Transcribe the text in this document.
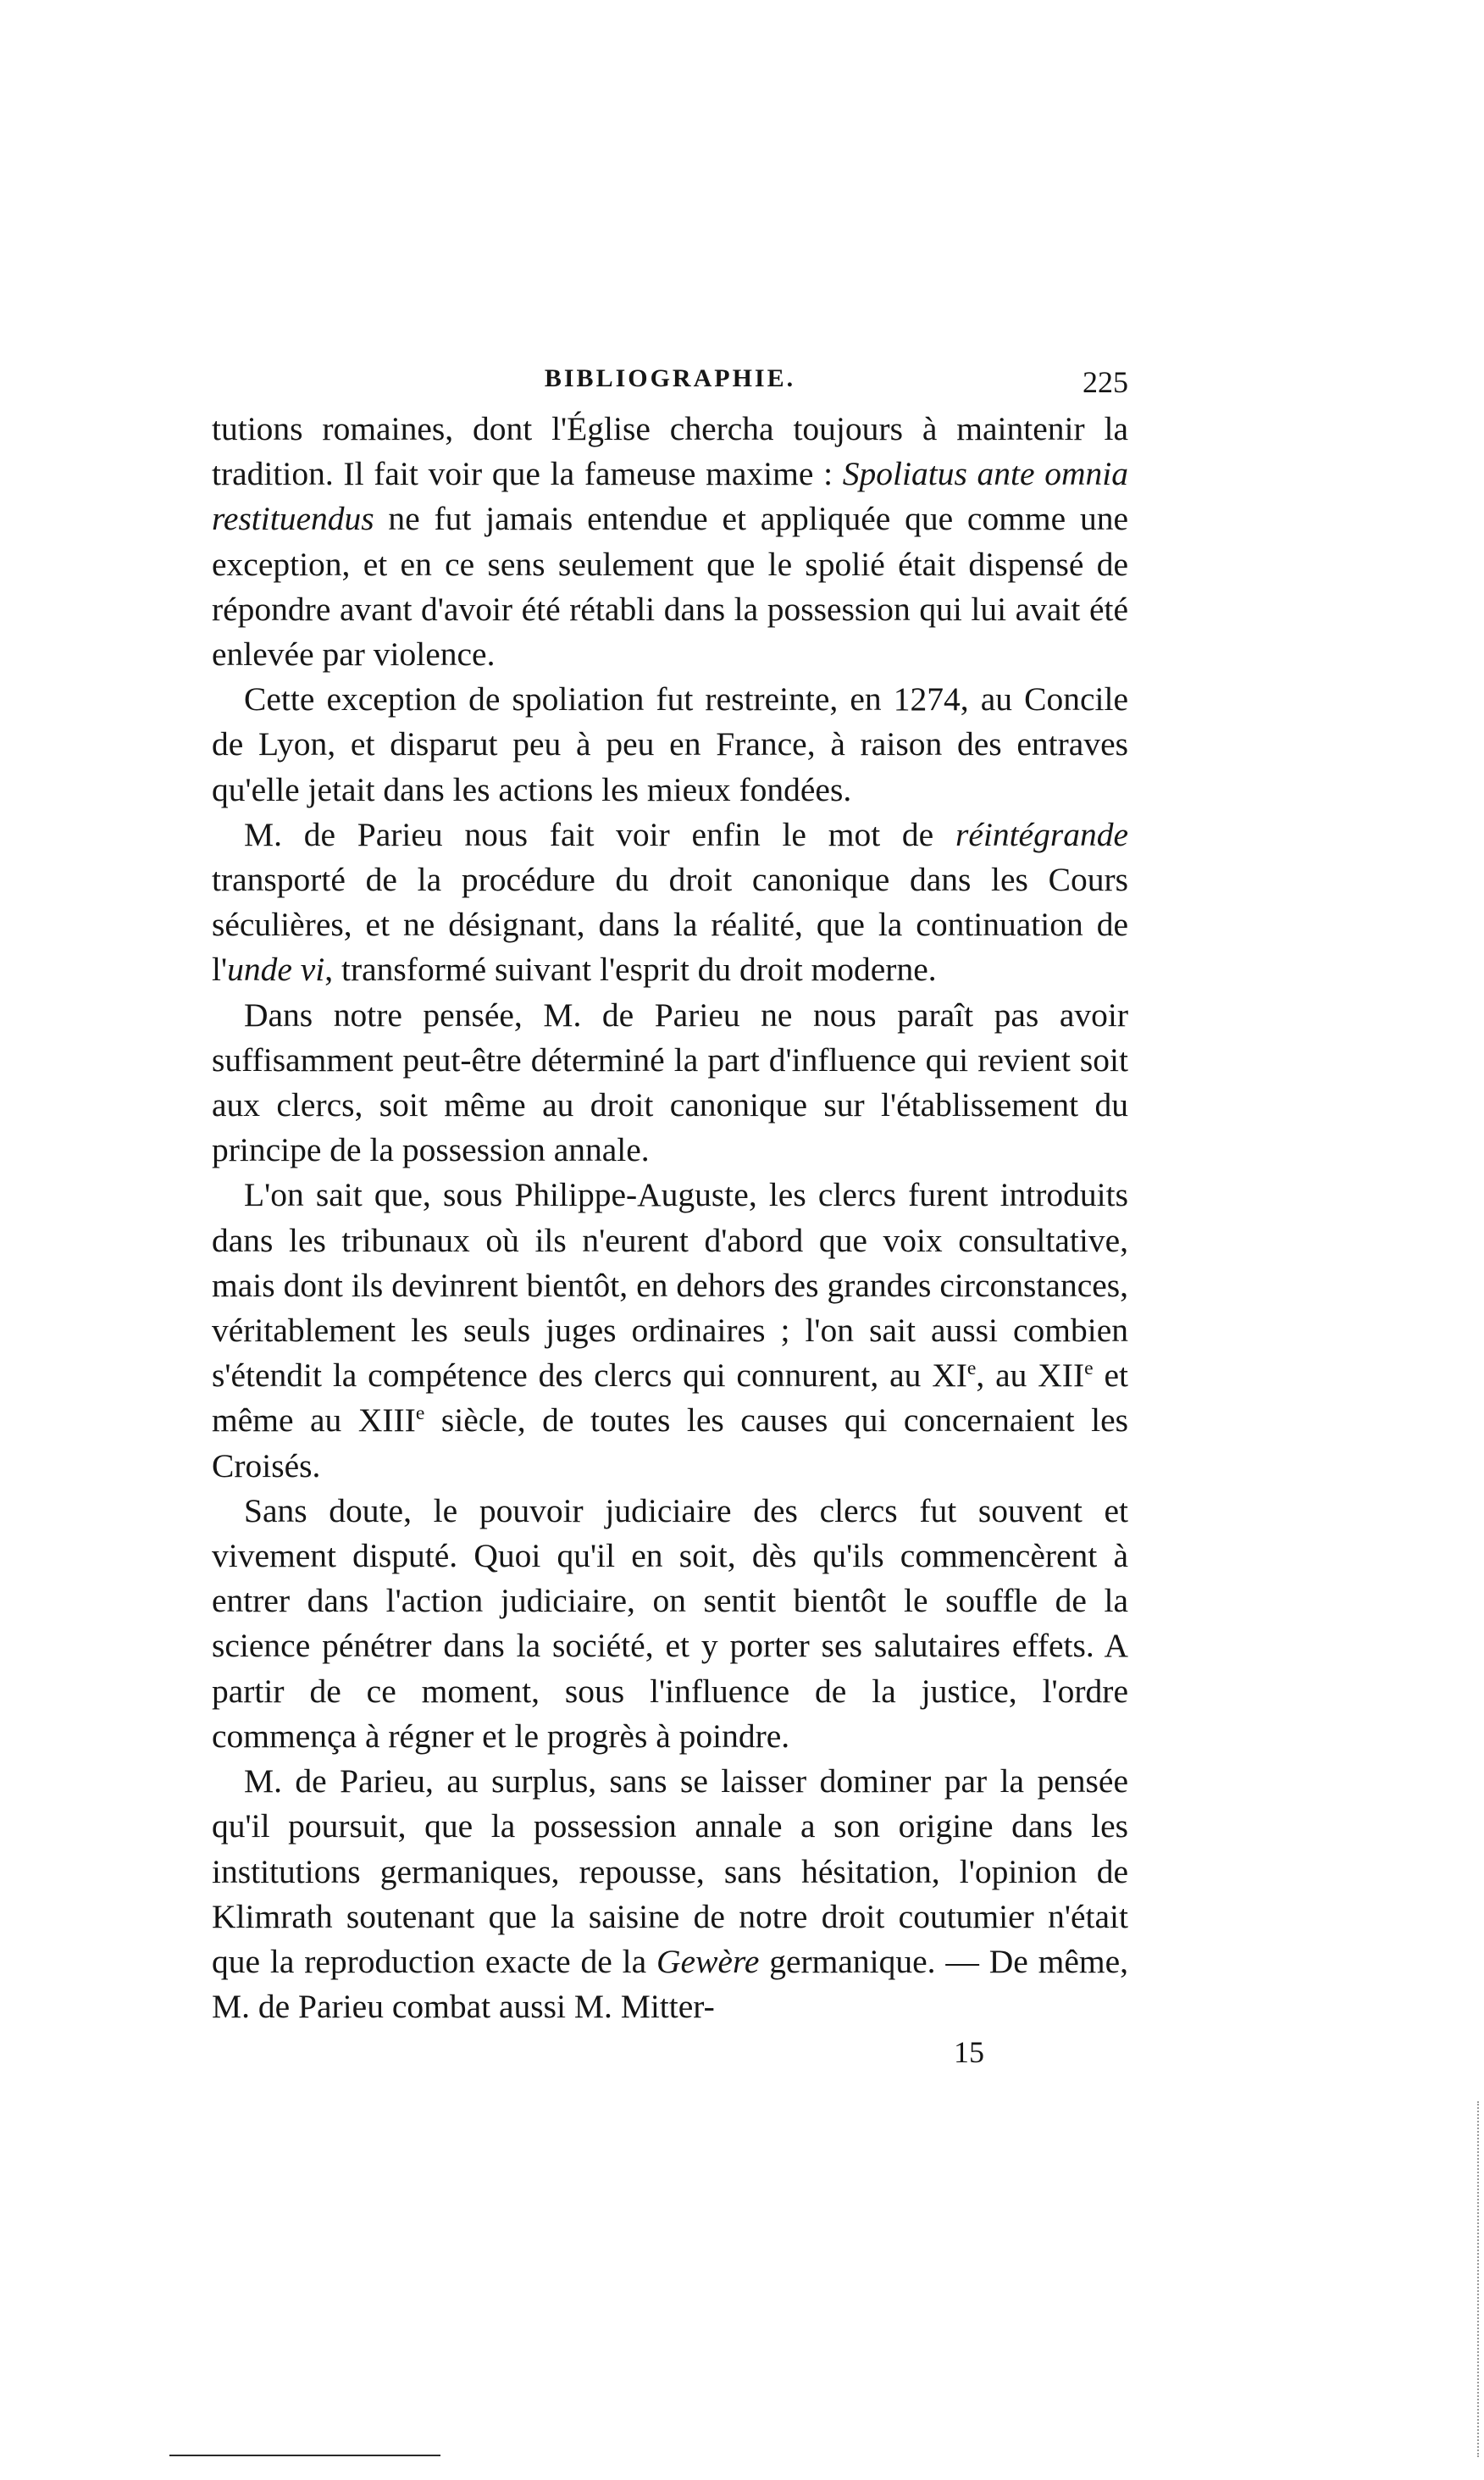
BIBLIOGRAPHIE.	225

tutions romaines, dont l'Église chercha toujours à maintenir la tradition. Il fait voir que la fameuse maxime : Spoliatus ante omnia restituendus ne fut jamais entendue et appliquée que comme une exception, et en ce sens seulement que le spolié était dispensé de répondre avant d'avoir été rétabli dans la possession qui lui avait été enlevée par violence.

Cette exception de spoliation fut restreinte, en 1274, au Concile de Lyon, et disparut peu à peu en France, à raison des entraves qu'elle jetait dans les actions les mieux fondées.

M. de Parieu nous fait voir enfin le mot de réintégrande transporté de la procédure du droit canonique dans les Cours séculières, et ne désignant, dans la réalité, que la continuation de l'unde vi, transformé suivant l'esprit du droit moderne.

Dans notre pensée, M. de Parieu ne nous paraît pas avoir suffisamment peut-être déterminé la part d'influence qui revient soit aux clercs, soit même au droit canonique sur l'établissement du principe de la possession annale.

L'on sait que, sous Philippe-Auguste, les clercs furent introduits dans les tribunaux où ils n'eurent d'abord que voix consultative, mais dont ils devinrent bientôt, en dehors des grandes circonstances, véritablement les seuls juges ordinaires ; l'on sait aussi combien s'étendit la compétence des clercs qui connurent, au XIe, au XIIe et même au XIIIe siècle, de toutes les causes qui concernaient les Croisés.

Sans doute, le pouvoir judiciaire des clercs fut souvent et vivement disputé. Quoi qu'il en soit, dès qu'ils commencèrent à entrer dans l'action judiciaire, on sentit bientôt le souffle de la science pénétrer dans la société, et y porter ses salutaires effets. A partir de ce moment, sous l'influence de la justice, l'ordre commença à régner et le progrès à poindre.

M. de Parieu, au surplus, sans se laisser dominer par la pensée qu'il poursuit, que la possession annale a son origine dans les institutions germaniques, repousse, sans hésitation, l'opinion de Klimrath soutenant que la saisine de notre droit coutumier n'était que la reproduction exacte de la Gewère germanique. — De même, M. de Parieu combat aussi M. Mitter-

15
